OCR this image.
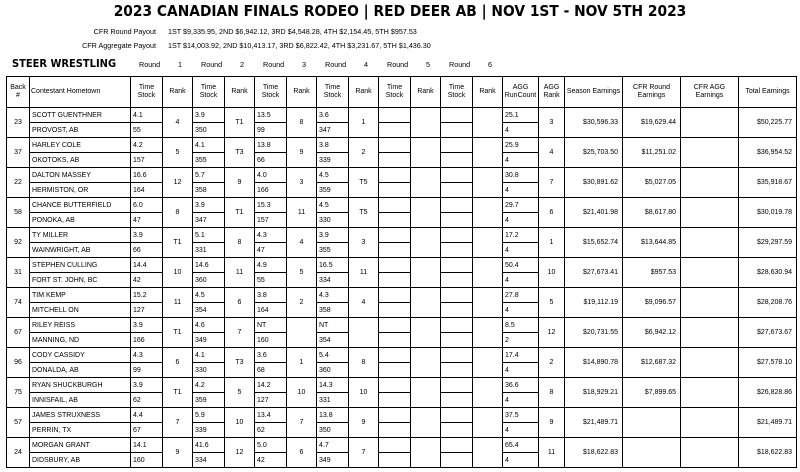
2023 CANADIAN FINALS RODEO | RED DEER AB | NOV 1ST - NOV 5TH 2023
CFR Round Payout 1ST $9,335.95, 2ND $6,942.12, 3RD $4,548.28, 4TH $2,154.45, 5TH $957.53
CFR Aggregate Payout 1ST $14,003.92, 2ND $10,413.17, 3RD $6,822.42, 4TH $3,231.67, 5TH $1,436.30
STEER WRESTLING	Round 1	Round 2	Round 3	Round 4	Round 5	Round 6
Back #	Contestant Hometown	Time Stock	Rank	Time Stock	Rank	Time Stock	Rank	Time Stock	Rank	Time Stock	Rank	Time Stock	Rank	AGG RunCount	AGG Rank	Season Earnings	CFR Round Earnings	CFR AGG Earnings	Total Earnings
23	SCOTT GUENTHNER	4.1	4	3.9	T1	13.5	8	3.6	1					25.1	3	$30,596.33	$19,629.44		$50,225.77
	PROVOST, AB	55		350		99		347						4					
37	HARLEY COLE	4.2	5	4.1	T3	13.8	9	3.8	2					25.9	4	$25,703.50	$11,251.02		$36,954.52
	OKOTOKS, AB	157		355		66		339						4					
22	DALTON MASSEY	16.6	12	5.7	9	4.0	3	4.5	T5					30.8	7	$30,891.62	$5,027.05		$35,918.67
	HERMISTON, OR	164		358		166		359						4					
58	CHANCE BUTTERFIELD	6.0	8	3.9	T1	15.3	11	4.5	T5					29.7	6	$21,401.98	$8,617.80		$30,019.78
	PONOKA, AB	47		347		157		330						4					
92	TY MILLER	3.9	T1	5.1	8	4.3	4	3.9	3					17.2	1	$15,652.74	$13,644.85		$29,297.59
	WAINWRIGHT, AB	66		331		47		355						4					
31	STEPHEN CULLING	14.4	10	14.6	11	4.9	5	16.5	11					50.4	10	$27,673.41	$957.53		$28,630.94
	FORT ST. JOHN, BC	42		360		55		334						4					
74	TIM KEMP	15.2	11	4.5	6	3.8	2	4.3	4					27.8	5	$19,112.19	$9,096.57		$28,208.76
	MITCHELL ON	127		354		164		358						4					
67	RILEY REISS	3.9	T1	4.6	7	NT		NT						8.5	12	$20,731.55	$6,942.12		$27,673.67
	MANNING, ND	166		349		160		354						2					
96	CODY CASSIDY	4.3	6	4.1	T3	3.6	1	5.4	8					17.4	2	$14,890.78	$12,687.32		$27,578.10
	DONALDA, AB	99		330		68		360						4					
75	RYAN SHUCKBURGH	3.9	T1	4.2	5	14.2	10	14.3	10					36.6	8	$18,929.21	$7,899.65		$26,828.86
	INNISFAIL, AB	62		359		127		331						4					
57	JAMES STRUXNESS	4.4	7	5.9	10	13.4	7	13.8	9					37.5	9	$21,489.71			$21,489.71
	PERRIN, TX	67		339		62		350						4					
24	MORGAN GRANT	14.1	9	41.6	12	5.0	6	4.7	7					65.4	11	$18,622.83			$18,622.83
	DIDSBURY, AB	160		334		42		349						4					
